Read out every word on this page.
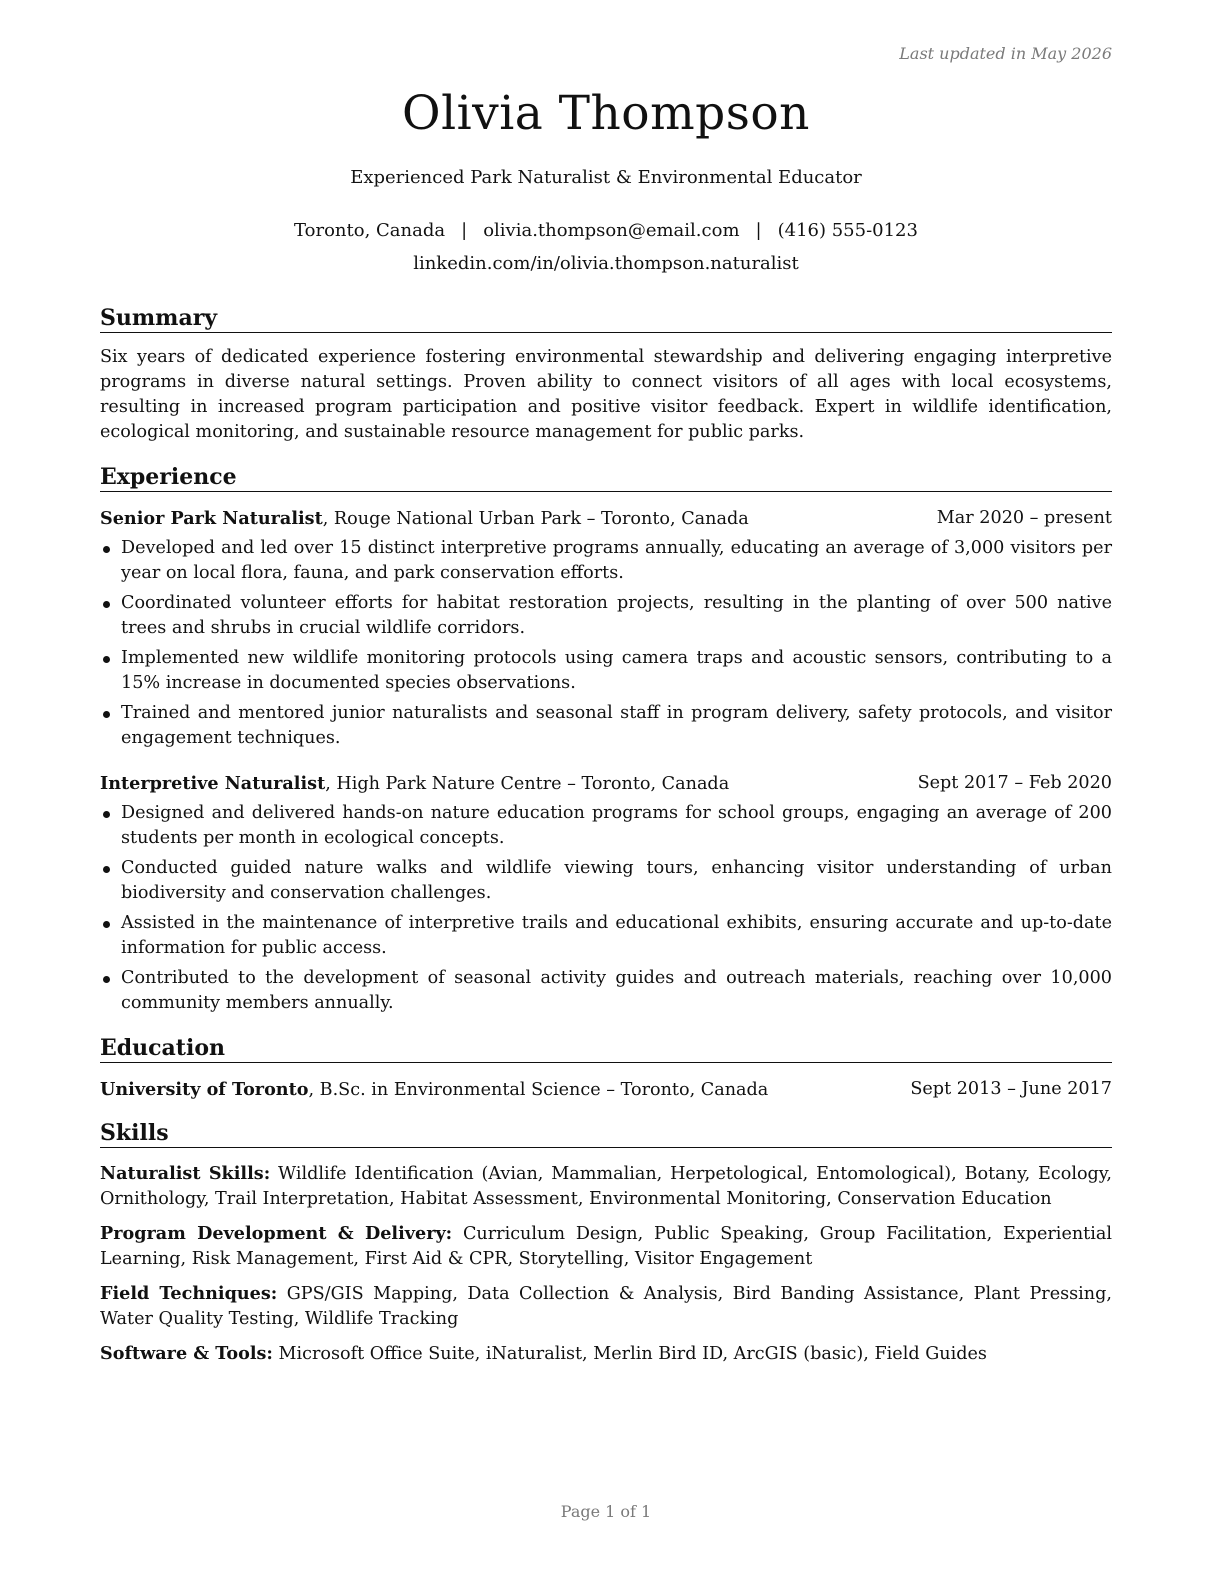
Last updated in May 2026
Olivia Thompson
Experienced Park Naturalist & Environmental Educator
Toronto, Canada | olivia.thompson@email.com | (416) 555-0123
linkedin.com/in/olivia.thompson.naturalist
Summary
Six years of dedicated experience fostering environmental stewardship and delivering engaging interpretive programs in diverse natural settings. Proven ability to connect visitors of all ages with local ecosystems, resulting in increased program participation and positive visitor feedback. Expert in wildlife identification, ecological monitoring, and sustainable resource management for public parks.
Experience
Senior Park Naturalist, Rouge National Urban Park – Toronto, Canada	Mar 2020 – present
Developed and led over 15 distinct interpretive programs annually, educating an average of 3,000 visitors per year on local flora, fauna, and park conservation efforts.
Coordinated volunteer efforts for habitat restoration projects, resulting in the planting of over 500 native trees and shrubs in crucial wildlife corridors.
Implemented new wildlife monitoring protocols using camera traps and acoustic sensors, contributing to a 15% increase in documented species observations.
Trained and mentored junior naturalists and seasonal staff in program delivery, safety protocols, and visitor engagement techniques.
Interpretive Naturalist, High Park Nature Centre – Toronto, Canada	Sept 2017 – Feb 2020
Designed and delivered hands-on nature education programs for school groups, engaging an average of 200 students per month in ecological concepts.
Conducted guided nature walks and wildlife viewing tours, enhancing visitor understanding of urban biodiversity and conservation challenges.
Assisted in the maintenance of interpretive trails and educational exhibits, ensuring accurate and up-to-date information for public access.
Contributed to the development of seasonal activity guides and outreach materials, reaching over 10,000 community members annually.
Education
University of Toronto, B.Sc. in Environmental Science – Toronto, Canada	Sept 2013 – June 2017
Skills
Naturalist Skills: Wildlife Identification (Avian, Mammalian, Herpetological, Entomological), Botany, Ecology, Ornithology, Trail Interpretation, Habitat Assessment, Environmental Monitoring, Conservation Education
Program Development & Delivery: Curriculum Design, Public Speaking, Group Facilitation, Experiential Learning, Risk Management, First Aid & CPR, Storytelling, Visitor Engagement
Field Techniques: GPS/GIS Mapping, Data Collection & Analysis, Bird Banding Assistance, Plant Pressing, Water Quality Testing, Wildlife Tracking
Software & Tools: Microsoft Office Suite, iNaturalist, Merlin Bird ID, ArcGIS (basic), Field Guides
Page 1 of 1
